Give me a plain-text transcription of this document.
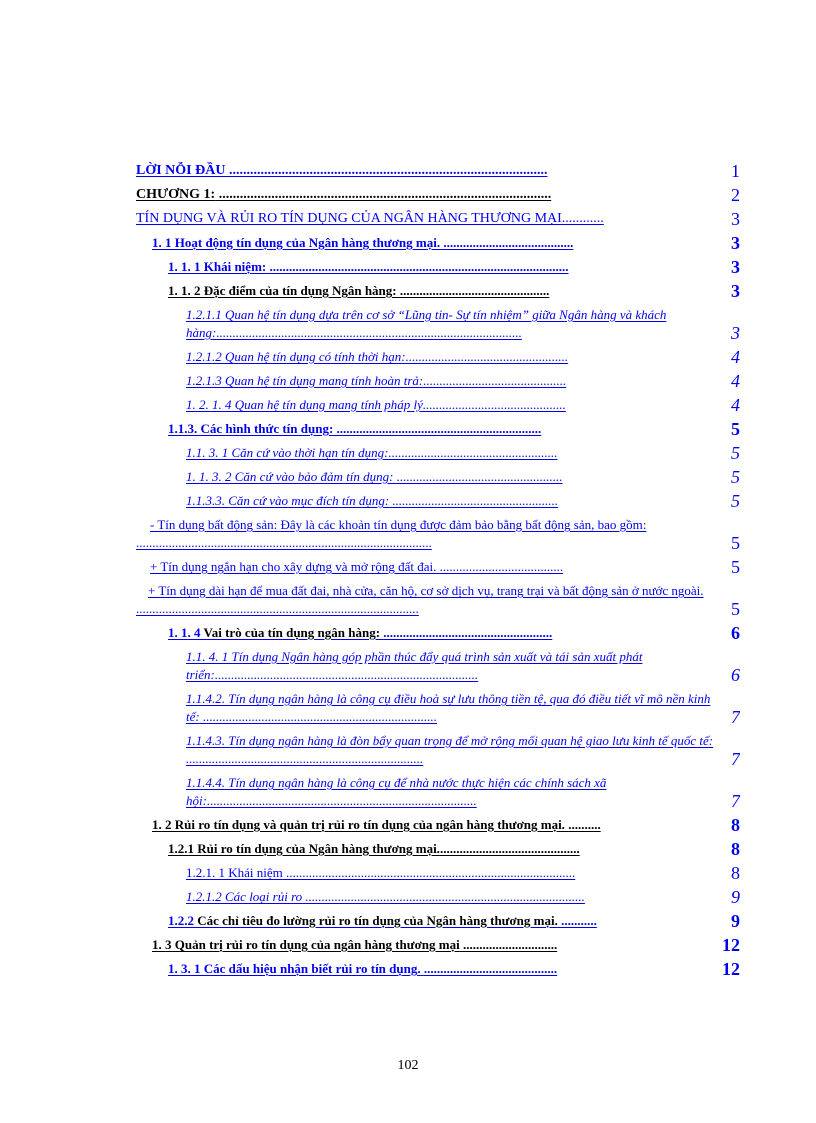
LỜI NỖI ĐẦU ...........................................................................................	1
CHƯƠNG 1: ...............................................................................................	2
TÍN DỤNG VÀ RỦI RO TÍN DỤNG CỦA NGÂN HÀNG THƯƠNG MẠI............	3
1. 1 Hoạt động tín dụng của Ngân hàng thương mại. ........................................	3
1. 1. 1 Khái niệm: ............................................................................................	3
1. 1. 2 Đặc điểm của tín dụng Ngân hàng: ..............................................	3
1.2.1.1 Quan hệ tín dụng dựa trên cơ sở “Lũng tin- Sự tín nhiệm” giữa Ngân hàng và khách hàng:..............................................................................................	3
1.2.1.2 Quan hệ tín dụng có tính thời hạn:..................................................	4
1.2.1.3 Quan hệ tín dụng mang tính hoàn trả:............................................	4
1. 2. 1. 4 Quan hệ tín dụng mang tính pháp lý............................................	4
1.1.3. Các hình thức tín dụng: ...............................................................	5
1.1. 3. 1 Căn cứ vào thời hạn tín dụng:....................................................	5
1. 1. 3. 2 Căn cứ vào bảo đảm tín dụng: ...................................................	5
1.1.3.3. Căn cứ vào mục đích tín dụng: ...................................................	5
- Tín dụng bất động sản: Đây là các khoản tín dụng được đảm bảo bằng bất động sản, bao gồm: ...........................................................................................	5
+ Tín dụng ngắn hạn cho xây dựng và mở rộng đất đai. ......................................	5
+ Tín dụng dài hạn để mua đất đai, nhà cửa, căn hộ, cơ sở dịch vụ, trang trại và bất động sản ở nước ngoài. .......................................................................................	5
1. 1. 4 Vai trò của tín dụng ngân hàng: ....................................................	6
1.1. 4. 1 Tín dụng Ngân hàng góp phần thúc đẩy quá trình sản xuất và tái sản xuất phát triển:.................................................................................	6
1.1.4.2. Tín dụng ngân hàng là công cụ điều hoà sự lưu thông tiền tệ, qua đó điều tiết vĩ mô nền kinh tế: ........................................................................	7
1.1.4.3. Tín dụng ngân hàng là đòn bẩy quan trọng để mở rộng mối quan hệ giao lưu kinh tế quốc tế: .........................................................................	7
1.1.4.4. Tín dụng ngân hàng là công cụ để nhà nước thực hiện các chính sách xã hội:...................................................................................	7
1. 2 Rủi ro tín dụng và quản trị rủi ro tín dụng của ngân hàng thương mại. ..........	8
1.2.1 Rủi ro tín dụng của Ngân hàng thương mại............................................	8
1.2.1. 1 Khái niệm .........................................................................................	8
1.2.1.2 Các loại rủi ro ......................................................................................	9
1.2.2 Các chỉ tiêu đo lường rủi ro tín dụng của Ngân hàng thương mại. ...........	9
1. 3 Quản trị rủi ro tín dụng của ngân hàng thương mại .............................	12
1. 3. 1 Các dấu hiệu nhận biết rủi ro tín dụng. .........................................	12
102
